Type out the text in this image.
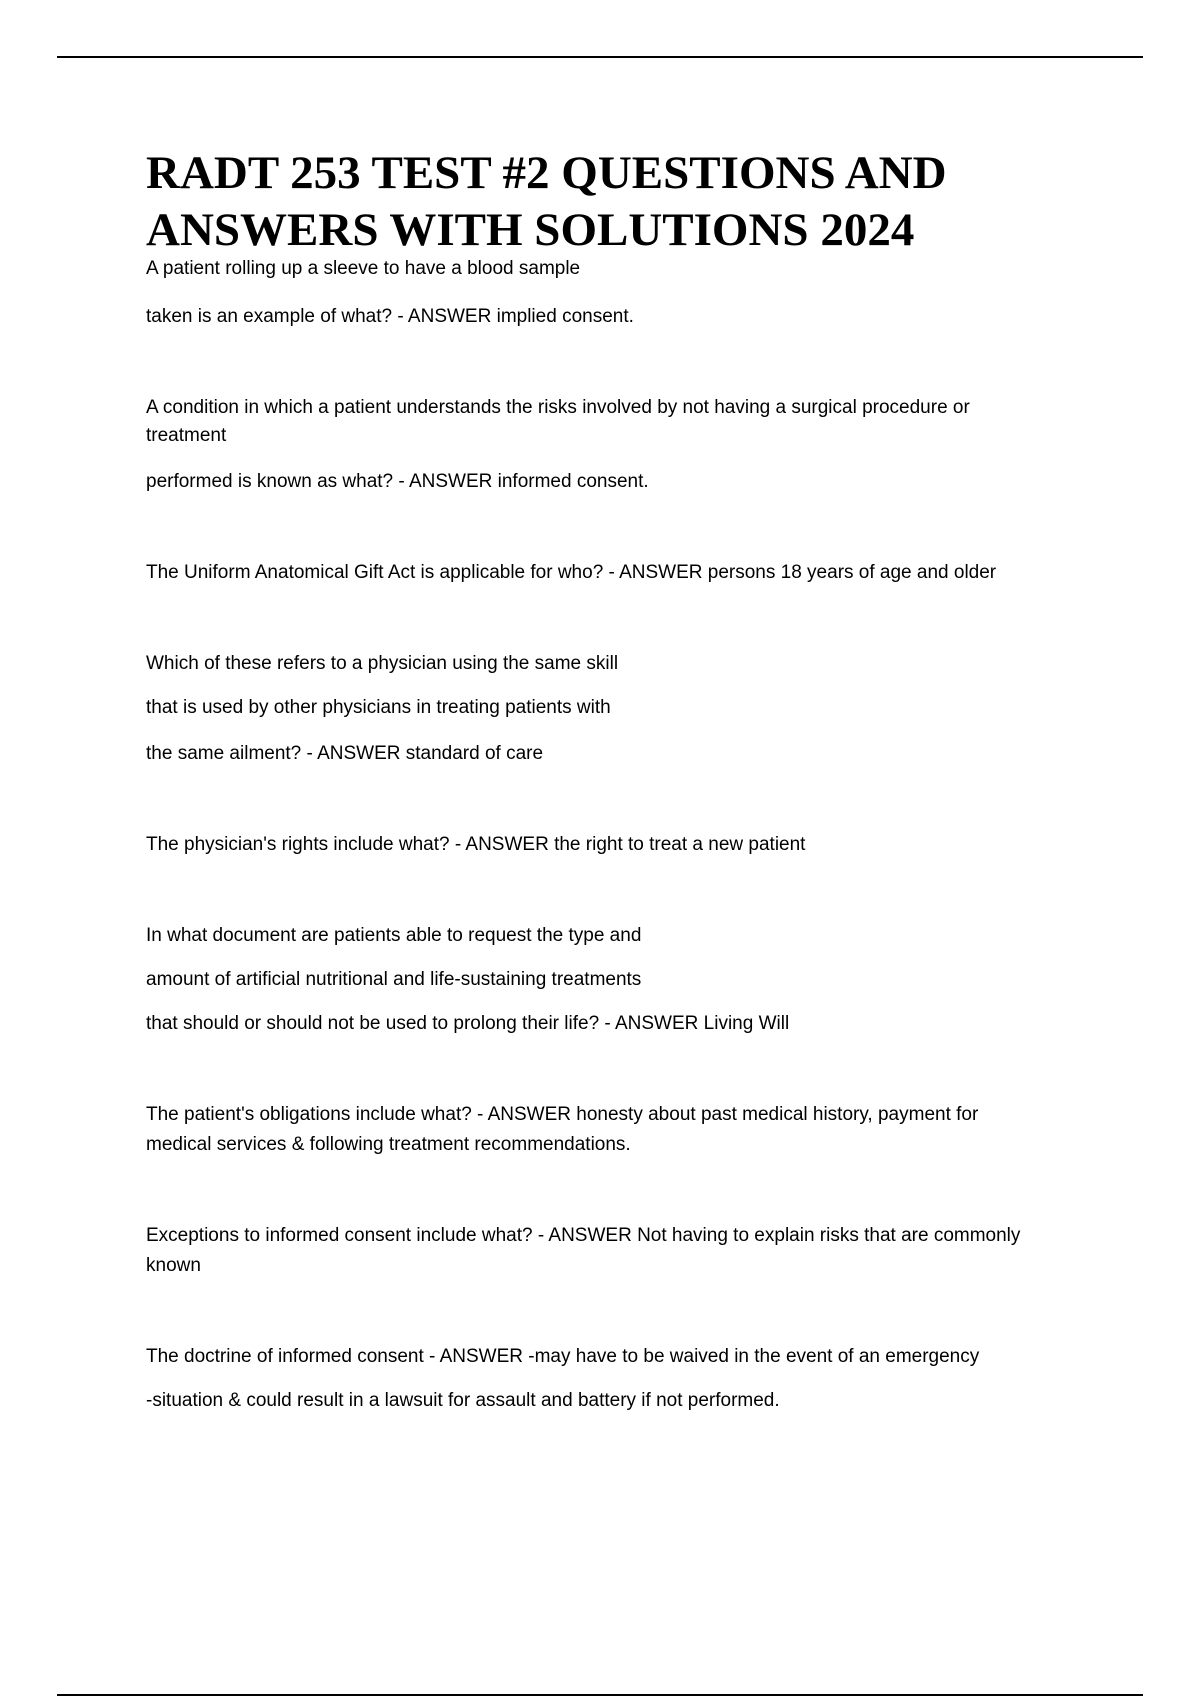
RADT 253 TEST #2 QUESTIONS AND
ANSWERS WITH SOLUTIONS 2024

A patient rolling up a sleeve to have a blood sample

taken is an example of what? - ANSWER implied consent.

A condition in which a patient understands the risks involved by not having a surgical procedure or

treatment

performed is known as what? - ANSWER informed consent.

The Uniform Anatomical Gift Act is applicable for who? - ANSWER persons 18 years of age and older

Which of these refers to a physician using the same skill

that is used by other physicians in treating patients with

the same ailment? - ANSWER standard of care

The physician's rights include what? - ANSWER the right to treat a new patient

In what document are patients able to request the type and

amount of artificial nutritional and life-sustaining treatments

that should or should not be used to prolong their life? - ANSWER Living Will

The patient's obligations include what? - ANSWER honesty about past medical history, payment for

medical services & following treatment recommendations.

Exceptions to informed consent include what? - ANSWER Not having to explain risks that are commonly

known

The doctrine of informed consent - ANSWER -may have to be waived in the event of an emergency

-situation & could result in a lawsuit for assault and battery if not performed.
